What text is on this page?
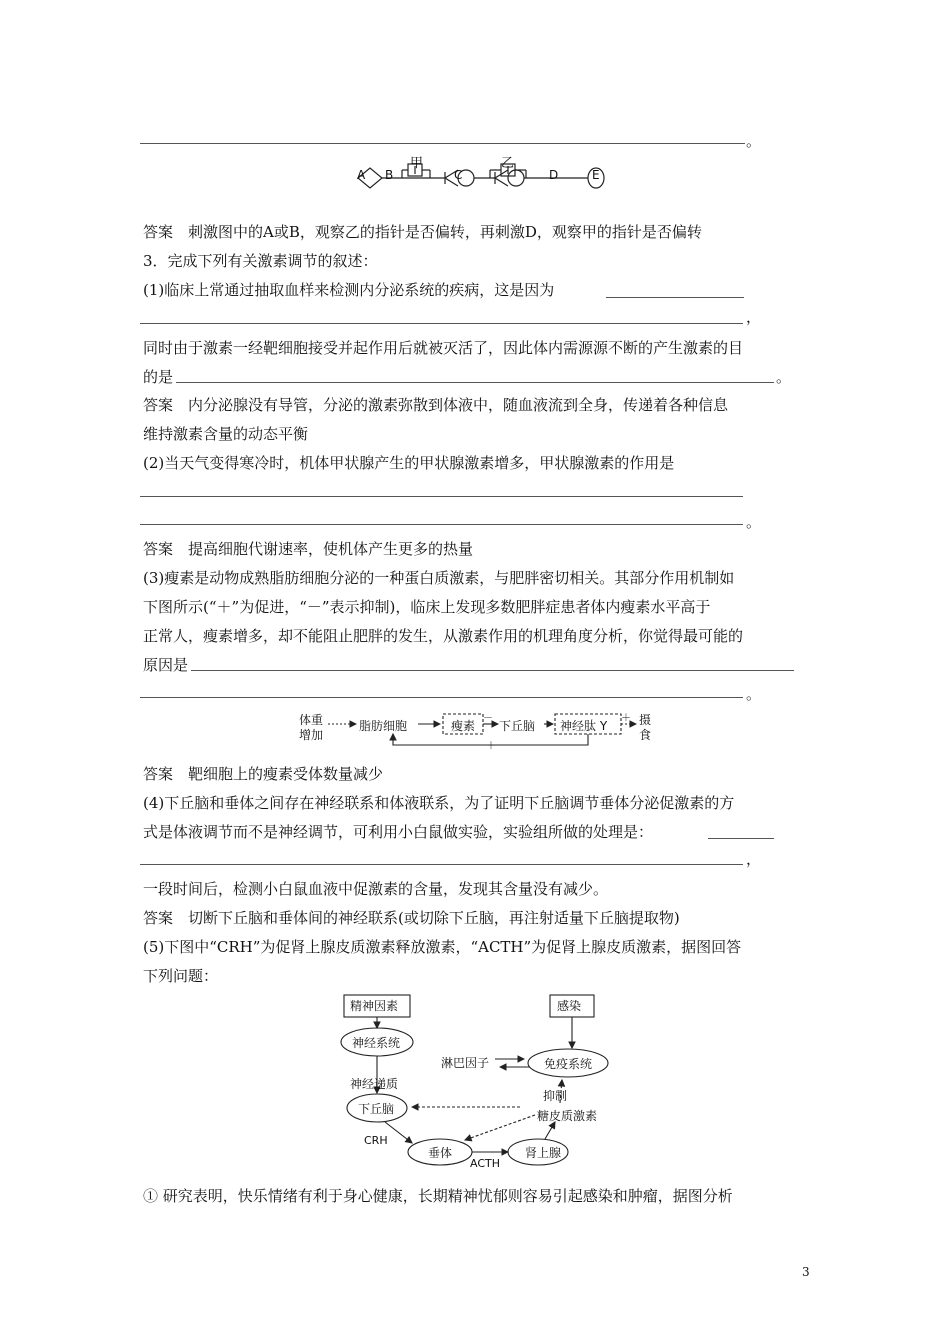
。
甲	乙
A B	C	D	E
答案　刺激图中的A或B，观察乙的指针是否偏转，再刺激D，观察甲的指针是否偏转
3．完成下列有关激素调节的叙述：
(1)临床上常通过抽取血样来检测内分泌系统的疾病，这是因为
，
同时由于激素一经靶细胞接受并起作用后就被灭活了，因此体内需源源不断的产生激素的目
的是	。
答案　内分泌腺没有导管，分泌的激素弥散到体液中，随血液流到全身，传递着各种信息
维持激素含量的动态平衡
(2)当天气变得寒冷时，机体甲状腺产生的甲状腺激素增多，甲状腺激素的作用是
。
答案　提高细胞代谢速率，使机体产生更多的热量
(3)瘦素是动物成熟脂肪细胞分泌的一种蛋白质激素，与肥胖密切相关。其部分作用机制如
下图所示(“＋”为促进，“－”表示抑制)，临床上发现多数肥胖症患者体内瘦素水平高于
正常人，瘦素增多，却不能阻止肥胖的发生，从激素作用的机理角度分析，你觉得最可能的
原因是
。
体重
增加
脂肪细胞	瘦素
－
下丘脑 神经肽 Y
＋ 摄
食
＋
答案　靶细胞上的瘦素受体数量减少
(4)下丘脑和垂体之间存在神经联系和体液联系，为了证明下丘脑调节垂体分泌促激素的方
式是体液调节而不是神经调节，可利用小白鼠做实验，实验组所做的处理是：
，
一段时间后，检测小白鼠血液中促激素的含量，发现其含量没有减少。
答案　切断下丘脑和垂体间的神经联系(或切除下丘脑，再注射适量下丘脑提取物)
(5)下图中“CRH”为促肾上腺皮质激素释放激素，“ACTH”为促肾上腺皮质激素，据图回答
下列问题：
精神因素	感染
神经系统
淋巴因子	免疫系统
神经递质
抑制
下丘脑	糖皮质激素
CRH
垂体
ACTH
肾上腺
① 研究表明，快乐情绪有利于身心健康，长期精神忧郁则容易引起感染和肿瘤，据图分析
3
